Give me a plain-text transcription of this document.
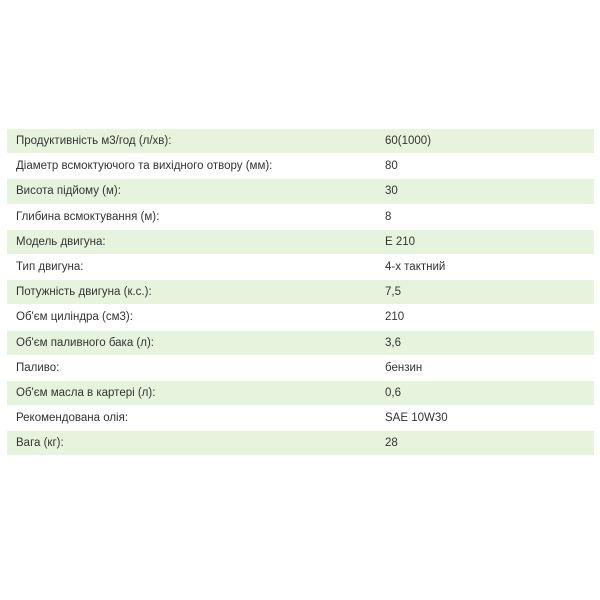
Продуктивність м3/год (л/хв):	60(1000)
Діаметр всмоктуючого та вихідного отвору (мм):	80
Висота підйому (м):	30
Глибина всмоктування (м):	8
Модель двигуна:	E 210
Тип двигуна:	4-х тактний
Потужність двигуна (к.с.):	7,5
Об'єм циліндра (см3):	210
Об'єм паливного бака (л):	3,6
Паливо:	бензин
Об'єм масла в картері (л):	0,6
Рекомендована олія:	SAE 10W30
Вага (кг):	28
